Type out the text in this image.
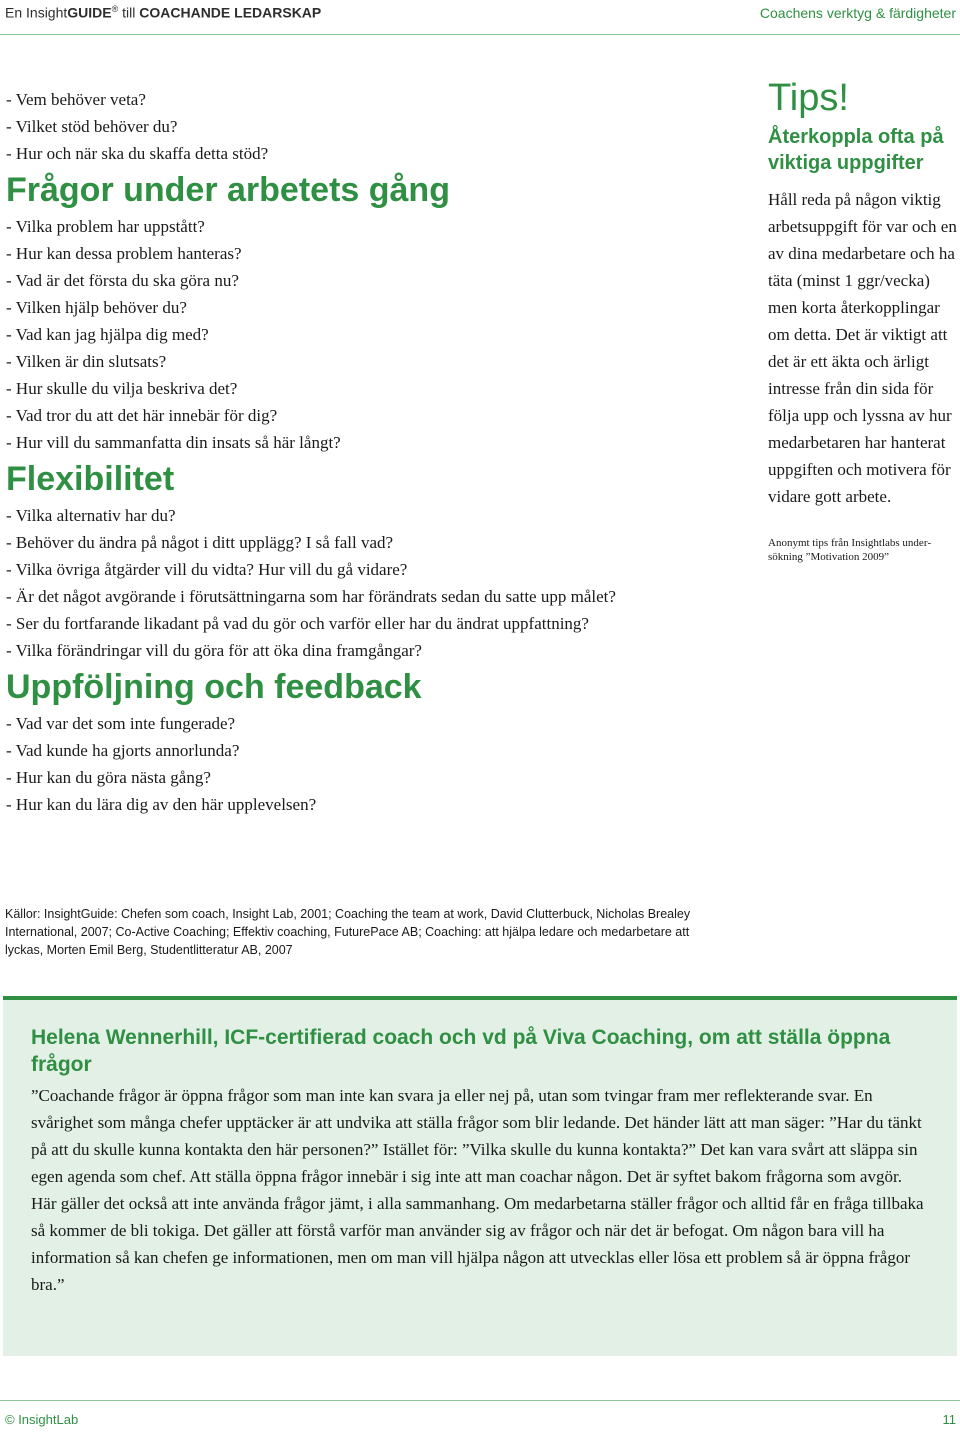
En InsightGUIDE® till COACHANDE LEDARSKAP	Coachens verktyg & färdigheter
- Vem behöver veta?
- Vilket stöd behöver du?
- Hur och när ska du skaffa detta stöd?
Frågor under arbetets gång
- Vilka problem har uppstått?
- Hur kan dessa problem hanteras?
- Vad är det första du ska göra nu?
- Vilken hjälp behöver du?
- Vad kan jag hjälpa dig med?
- Vilken är din slutsats?
- Hur skulle du vilja beskriva det?
- Vad tror du att det här innebär för dig?
- Hur vill du sammanfatta din insats så här långt?
Flexibilitet
- Vilka alternativ har du?
- Behöver du ändra på något i ditt upplägg? I så fall vad?
- Vilka övriga åtgärder vill du vidta? Hur vill du gå vidare?
- Är det något avgörande i förutsättningarna som har förändrats sedan du satte upp målet?
- Ser du fortfarande likadant på vad du gör och varför eller har du ändrat uppfattning?
- Vilka förändringar vill du göra för att öka dina framgångar?
Uppföljning och feedback
- Vad var det som inte fungerade?
- Vad kunde ha gjorts annorlunda?
- Hur kan du göra nästa gång?
- Hur kan du lära dig av den här upplevelsen?
Tips!
Återkoppla ofta på viktiga uppgifter

Håll reda på någon viktig arbetsuppgift för var och en av dina medarbetare och ha täta (minst 1 ggr/vecka) men korta återkopplingar om detta. Det är viktigt att det är ett äkta och ärligt intresse från din sida för följa upp och lyssna av hur medarbetaren har hanterat uppgiften och motivera för vidare gott arbete.

Anonymt tips från Insightlabs undersökning ”Motivation 2009”
Källor: InsightGuide: Chefen som coach, Insight Lab, 2001; Coaching the team at work, David Clutterbuck, Nicholas Brealey International, 2007; Co-Active Coaching; Effektiv coaching, FuturePace AB; Coaching: att hjälpa ledare och medarbetare att lyckas, Morten Emil Berg, Studentlitteratur AB, 2007
Helena Wennerhill, ICF-certifierad coach och vd på Viva Coaching, om att ställa öppna frågor

”Coachande frågor är öppna frågor som man inte kan svara ja eller nej på, utan som tvingar fram mer reflekterande svar. En svårighet som många chefer upptäcker är att undvika att ställa frågor som blir ledande. Det händer lätt att man säger: ”Har du tänkt på att du skulle kunna kontakta den här personen?” Istället för: ”Vilka skulle du kunna kontakta?” Det kan vara svårt att släppa sin egen agenda som chef. Att ställa öppna frågor innebär i sig inte att man coachar någon. Det är syftet bakom frågorna som avgör. Här gäller det också att inte använda frågor jämt, i alla sammanhang. Om medarbetarna ställer frågor och alltid får en fråga tillbaka så kommer de bli tokiga. Det gäller att förstå varför man använder sig av frågor och när det är befogat. Om någon bara vill ha information så kan chefen ge informationen, men om man vill hjälpa någon att utvecklas eller lösa ett problem så är öppna frågor bra.”

© InsightLab	11
